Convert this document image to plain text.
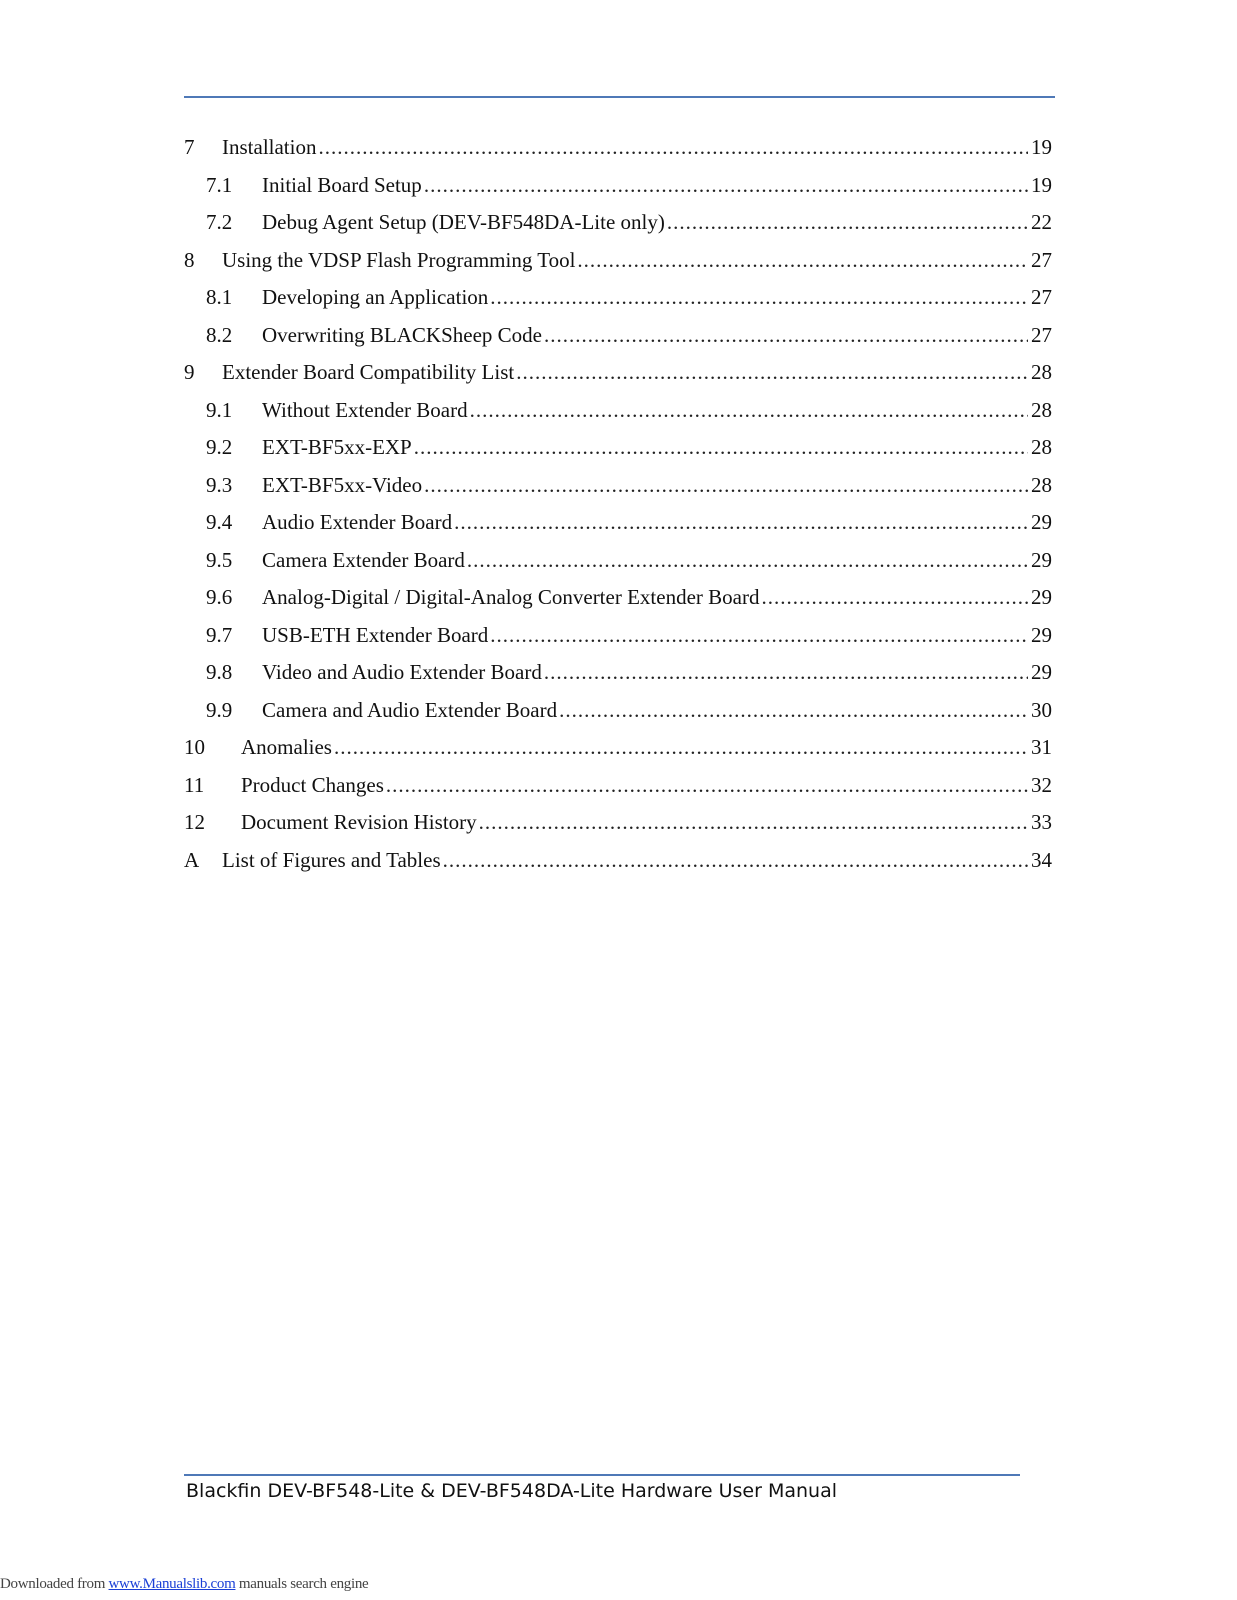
7	Installation .....	19
7.1	Initial Board Setup .....	19
7.2	Debug Agent Setup (DEV-BF548DA-Lite only) .....	22
8	Using the VDSP Flash Programming Tool .....	27
8.1	Developing an Application .....	27
8.2	Overwriting BLACKSheep Code .....	27
9	Extender Board Compatibility List .....	28
9.1	Without Extender Board .....	28
9.2	EXT-BF5xx-EXP .....	28
9.3	EXT-BF5xx-Video .....	28
9.4	Audio Extender Board .....	29
9.5	Camera Extender Board .....	29
9.6	Analog-Digital / Digital-Analog Converter Extender Board .....	29
9.7	USB-ETH Extender Board .....	29
9.8	Video and Audio Extender Board .....	29
9.9	Camera and Audio Extender Board .....	30
10	Anomalies .....	31
11	Product Changes .....	32
12	Document Revision History .....	33
A	List of Figures and Tables .....	34
Blackfin DEV-BF548-Lite & DEV-BF548DA-Lite Hardware User Manual
Downloaded from www.Manualslib.com manuals search engine
